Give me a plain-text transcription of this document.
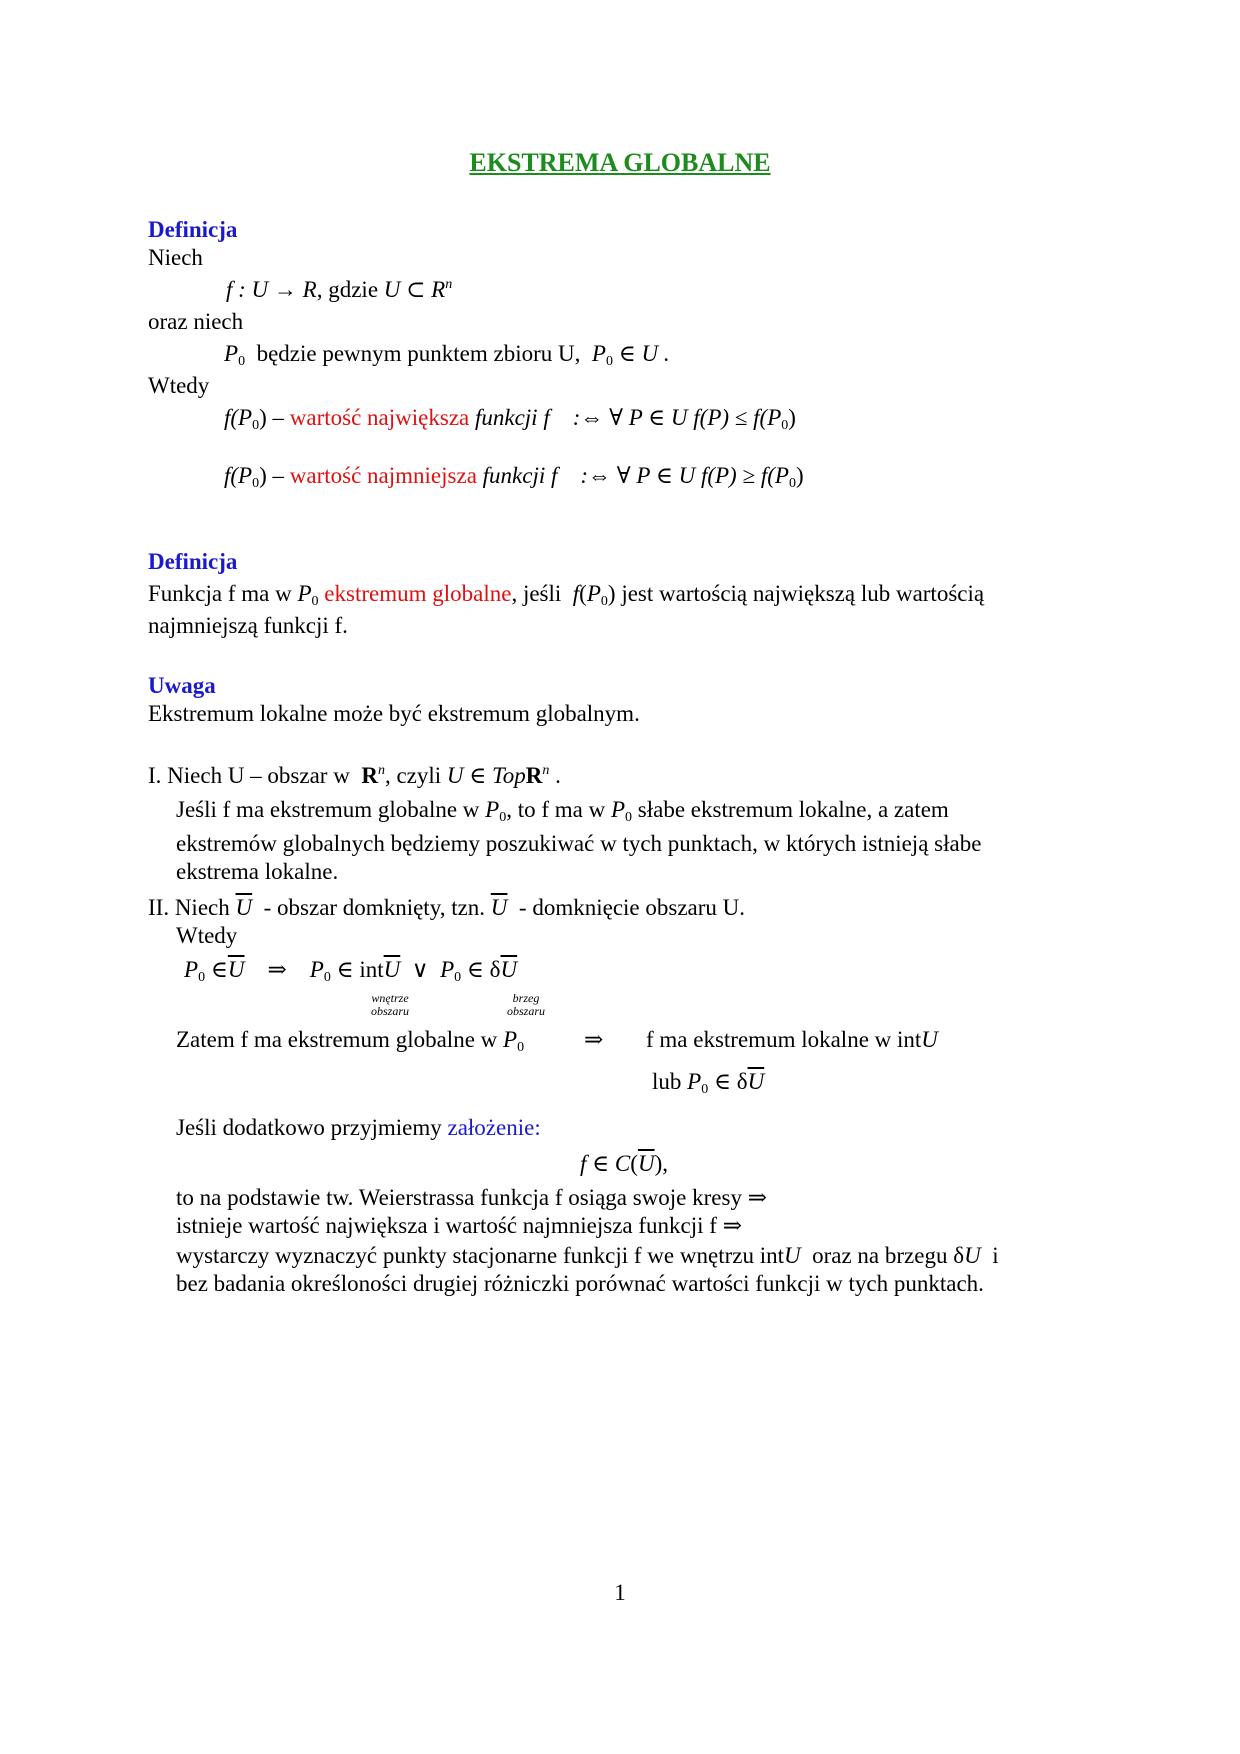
EKSTREMA GLOBALNE
Definicja
Niech
f : U → R, gdzie U ⊂ $R^n$
oraz niech
$P_0$ będzie pewnym punktem zbioru U, $P_0$ ∈ U .
Wtedy
$f(P_0)$ – wartość największa funkcji f :⇔ ∀ P ∈ U $f(P) \le f(P_0)$
$f(P_0)$ – wartość najmniejsza funkcji f :⇔ ∀ P ∈ U $f(P) \ge f(P_0)$
Definicja
Funkcja f ma w $P_0$ ekstremum globalne, jeśli $f(P_0)$ jest wartością największą lub wartością
najmniejszą funkcji f.
Uwaga
Ekstremum lokalne może być ekstremum globalnym.
I. Niech U – obszar w $R^n$, czyli U ∈ TopR$^n$ .
Jeśli f ma ekstremum globalne w $P_0$, to f ma w $P_0$ słabe ekstremum lokalne, a zatem
ekstremów globalnych będziemy poszukiwać w tych punktach, w których istnieją słabe
ekstrema lokalne.
II. Niech $\overline{U}$ - obszar domknięty, tzn. $\overline{U}$ - domknięcie obszaru U.
Wtedy
$P_0$ $\in\overline{U}$    ⇒    $P_0$ ∈ $int\overline{U}$  ∨  $P_0$ ∈ $\delta\overline{U}$
wnętrze
obszaru
brzeg
obszaru
Zatem f ma ekstremum globalne w $P_0$	⇒ f ma ekstremum lokalne w intU
lub $P_0$ ∈ $\delta\overline{U}$
Jeśli dodatkowo przyjmiemy założenie:
f ∈ $C(\overline{U})$,
to na podstawie tw. Weierstrassa funkcja f osiąga swoje kresy ⇒
istnieje wartość największa i wartość najmniejsza funkcji f ⇒
wystarczy wyznaczyć punkty stacjonarne funkcji f we wnętrzu intU oraz na brzegu δU i
bez badania określoności drugiej różniczki porównać wartości funkcji w tych punktach.
1
